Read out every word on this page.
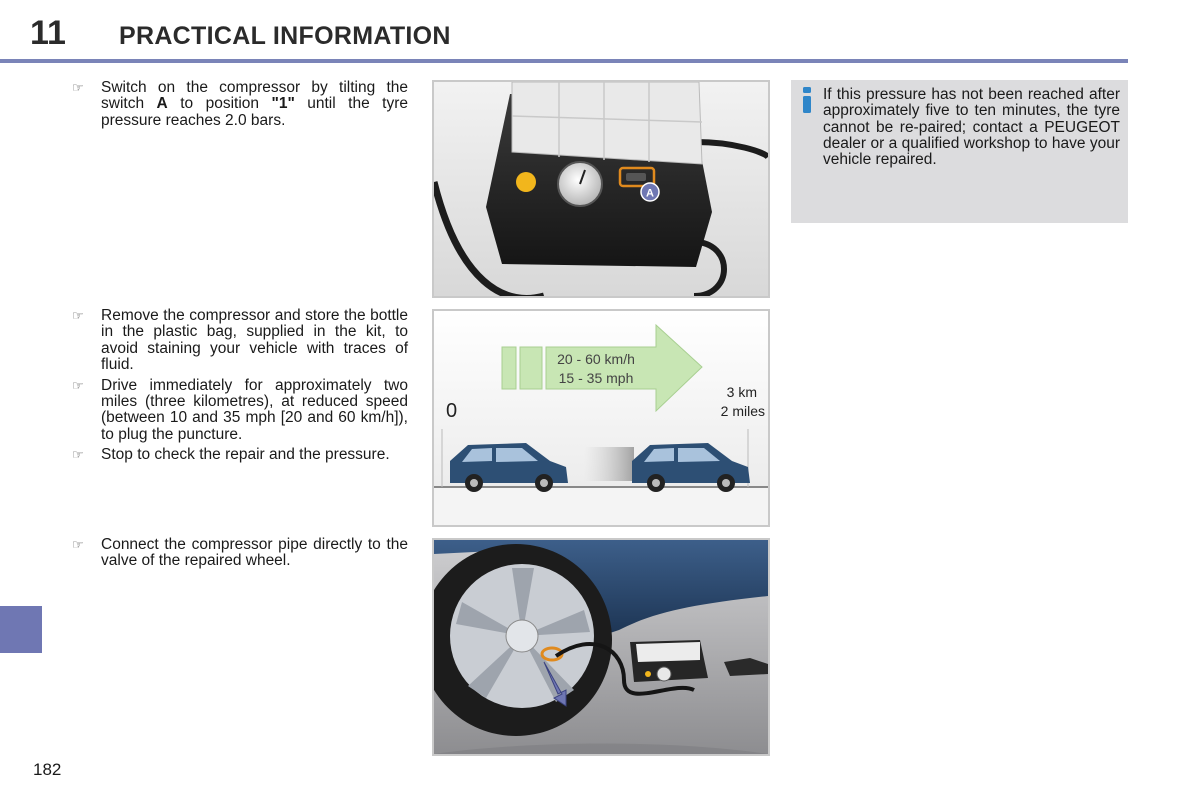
11 PRACTICAL INFORMATION

☞ Switch on the compressor by tilting the switch A to position "1" until the tyre pressure reaches 2.0 bars.

☞ Remove the compressor and store the bottle in the plastic bag, supplied in the kit, to avoid staining your vehicle with traces of fluid.

☞ Drive immediately for approximately two miles (three kilometres), at reduced speed (between 10 and 35 mph [20 and 60 km/h]), to plug the puncture.

☞ Stop to check the repair and the pressure.

☞ Connect the compressor pipe directly to the valve of the repaired wheel.

A
20 - 60 km/h
15 - 35 mph
0
3 km
2 miles
If this pressure has not been reached after approximately five to ten minutes, the tyre cannot be re-paired; contact a PEUGEOT dealer or a qualified workshop to have your vehicle repaired.
182
